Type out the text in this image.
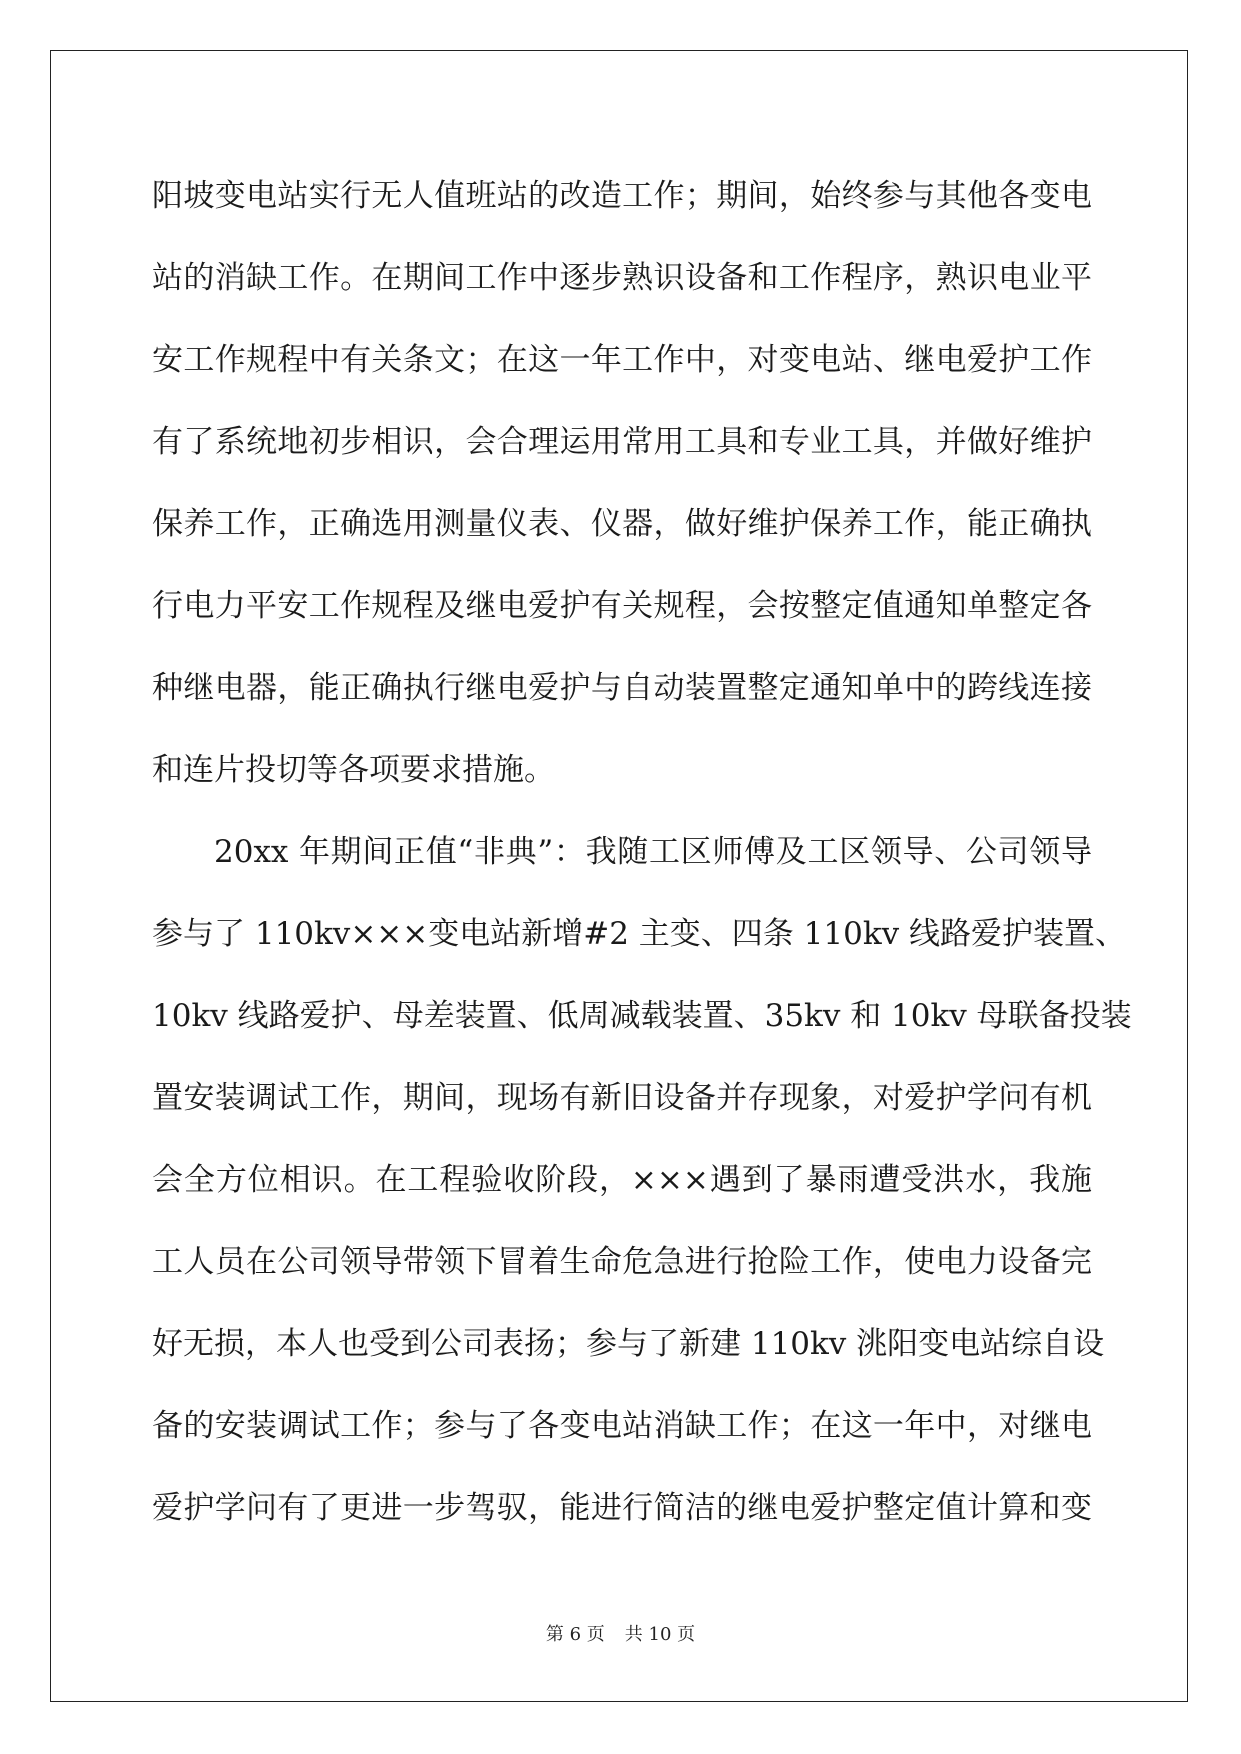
阳坡变电站实行无人值班站的改造工作；期间，始终参与其他各变电
站的消缺工作。在期间工作中逐步熟识设备和工作程序，熟识电业平
安工作规程中有关条文；在这一年工作中，对变电站、继电爱护工作
有了系统地初步相识，会合理运用常用工具和专业工具，并做好维护
保养工作，正确选用测量仪表、仪器，做好维护保养工作，能正确执
行电力平安工作规程及继电爱护有关规程，会按整定值通知单整定各
种继电器，能正确执行继电爱护与自动装置整定通知单中的跨线连接
和连片投切等各项要求措施。
20xx 年期间正值“非典”：我随工区师傅及工区领导、公司领导
参与了 110kv×××变电站新增#2 主变、四条 110kv 线路爱护装置、
10kv 线路爱护、母差装置、低周减载装置、35kv 和 10kv 母联备投装
置安装调试工作，期间，现场有新旧设备并存现象，对爱护学问有机
会全方位相识。在工程验收阶段，×××遇到了暴雨遭受洪水，我施
工人员在公司领导带领下冒着生命危急进行抢险工作，使电力设备完
好无损，本人也受到公司表扬；参与了新建 110kv 洮阳变电站综自设
备的安装调试工作；参与了各变电站消缺工作；在这一年中，对继电
爱护学问有了更进一步驾驭，能进行简洁的继电爱护整定值计算和变
第 6 页 共 10 页
